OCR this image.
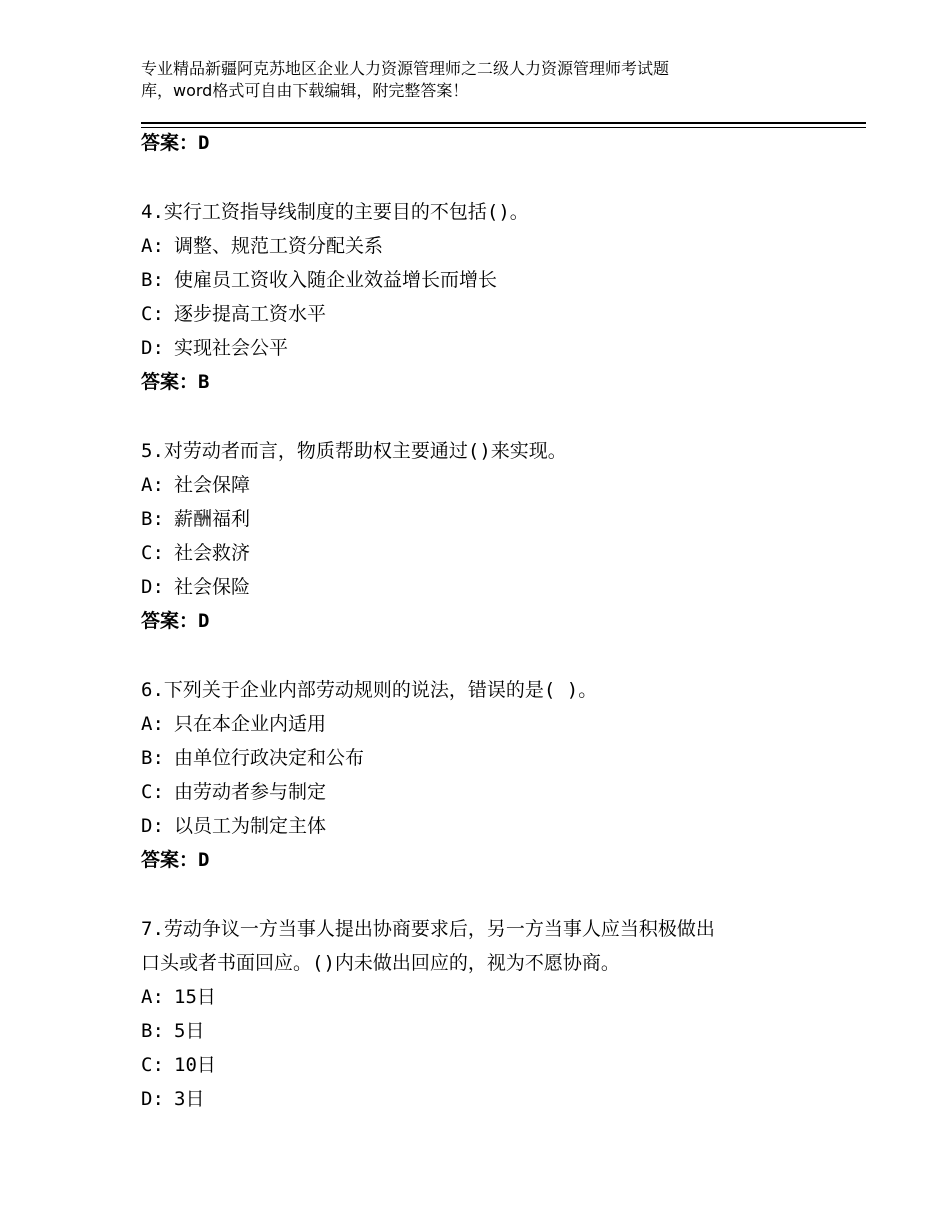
专业精品新疆阿克苏地区企业人力资源管理师之二级人力资源管理师考试题
库，word格式可自由下载编辑，附完整答案！
答案：D
4.实行工资指导线制度的主要目的不包括()。
A: 调整、规范工资分配关系
B: 使雇员工资收入随企业效益增长而增长
C: 逐步提高工资水平
D: 实现社会公平
答案：B
5.对劳动者而言，物质帮助权主要通过()来实现。
A: 社会保障
B: 薪酬福利
C: 社会救济
D: 社会保险
答案：D
6.下列关于企业内部劳动规则的说法，错误的是( )。
A: 只在本企业内适用
B: 由单位行政决定和公布
C: 由劳动者参与制定
D: 以员工为制定主体
答案：D
7.劳动争议一方当事人提出协商要求后，另一方当事人应当积极做出
口头或者书面回应。()内未做出回应的，视为不愿协商。
A: 15日
B: 5日
C: 10日
D: 3日
